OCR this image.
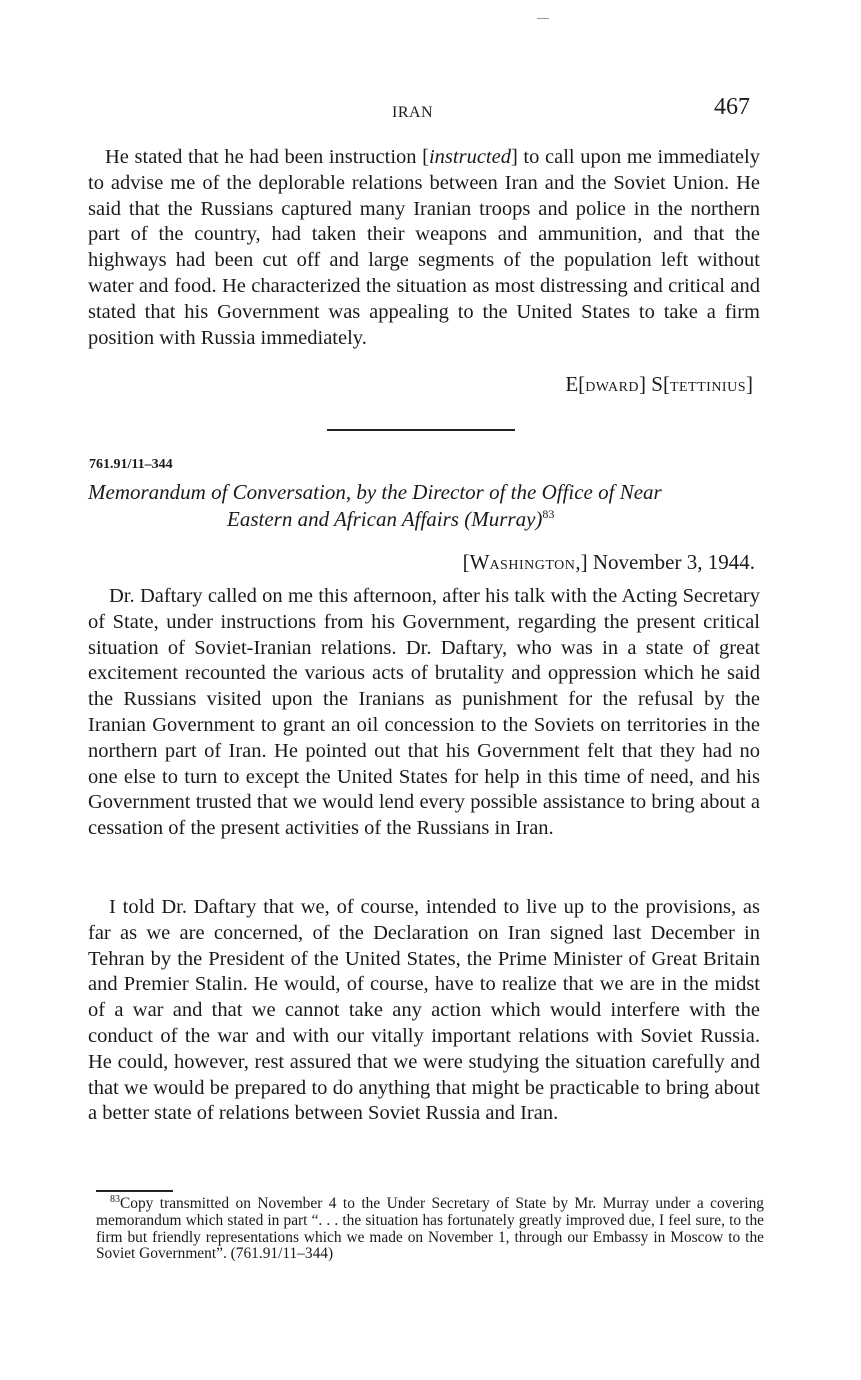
IRAN	467

He stated that he had been instruction [instructed] to call upon me immediately to advise me of the deplorable relations between Iran and the Soviet Union. He said that the Russians captured many Iranian troops and police in the northern part of the country, had taken their weapons and ammunition, and that the highways had been cut off and large segments of the population left without water and food. He characterized the situation as most distressing and critical and stated that his Government was appealing to the United States to take a firm position with Russia immediately.

E[DWARD] S[TETTINIUS]
761.91/11–344

Memorandum of Conversation, by the Director of the Office of Near
Eastern and African Affairs (Murray)$^{83}$

[WASHINGTON,] November 3, 1944.

Dr. Daftary called on me this afternoon, after his talk with the Acting Secretary of State, under instructions from his Government, regarding the present critical situation of Soviet-Iranian relations. Dr. Daftary, who was in a state of great excitement recounted the various acts of brutality and oppression which he said the Russians visited upon the Iranians as punishment for the refusal by the Iranian Government to grant an oil concession to the Soviets on territories in the northern part of Iran. He pointed out that his Government felt that they had no one else to turn to except the United States for help in this time of need, and his Government trusted that we would lend every possible assistance to bring about a cessation of the present activities of the Russians in Iran.

I told Dr. Daftary that we, of course, intended to live up to the provisions, as far as we are concerned, of the Declaration on Iran signed last December in Tehran by the President of the United States, the Prime Minister of Great Britain and Premier Stalin. He would, of course, have to realize that we are in the midst of a war and that we cannot take any action which would interfere with the conduct of the war and with our vitally important relations with Soviet Russia. He could, however, rest assured that we were studying the situation carefully and that we would be prepared to do anything that might be practicable to bring about a better state of relations between Soviet Russia and Iran.

$^{83}$Copy transmitted on November 4 to the Under Secretary of State by Mr. Murray under a covering memorandum which stated in part “. . . the situation has fortunately greatly improved due, I feel sure, to the firm but friendly representations which we made on November 1, through our Embassy in Moscow to the Soviet Government”. (761.91/11–344)
